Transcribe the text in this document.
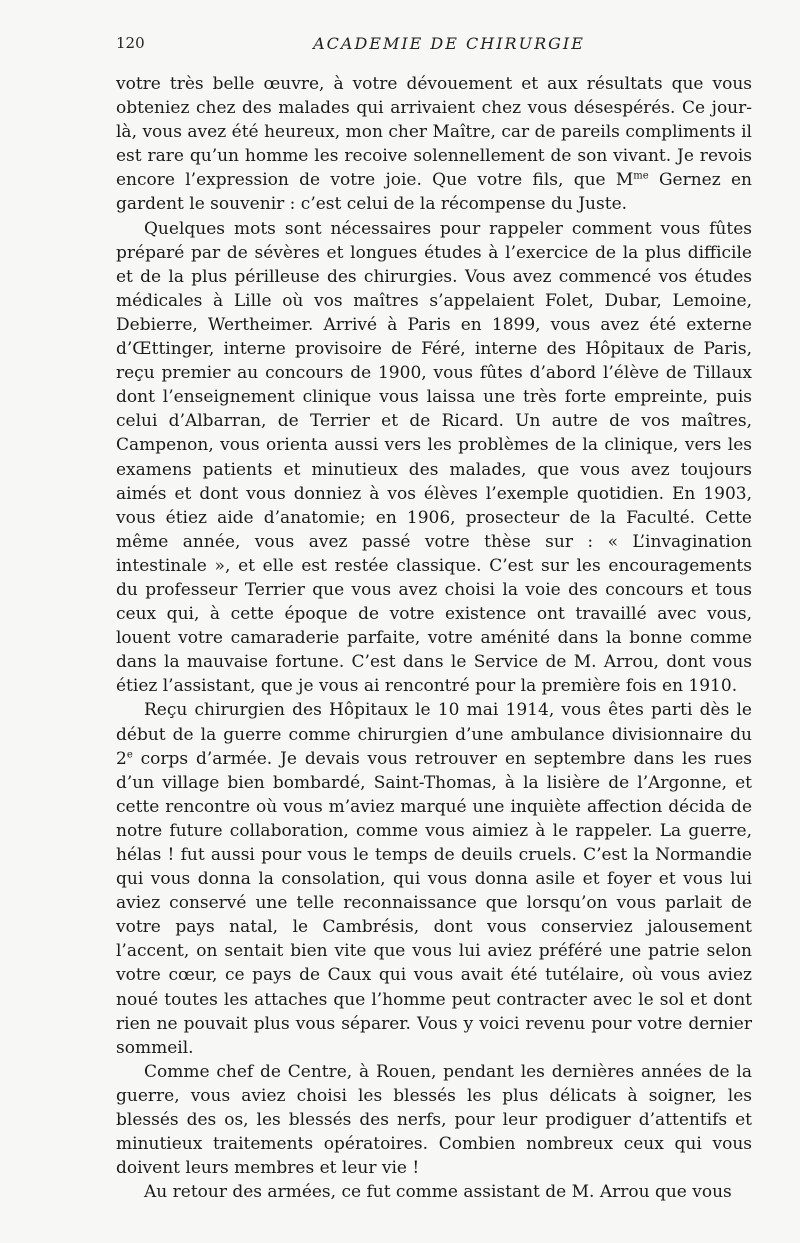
120	ACADEMIE DE CHIRURGIE

votre très belle œuvre, à votre dévouement et aux résultats que vous obteniez chez des malades qui arrivaient chez vous désespérés. Ce jour-là, vous avez été heureux, mon cher Maître, car de pareils compliments il est rare qu’un homme les recoive solennellement de son vivant. Je revois encore l’expression de votre joie. Que votre fils, que $M^{me}$ Gernez en gardent le souvenir : c’est celui de la récompense du Juste.

Quelques mots sont nécessaires pour rappeler comment vous fûtes préparé par de sévères et longues études à l’exercice de la plus difficile et de la plus périlleuse des chirurgies. Vous avez commencé vos études médicales à Lille où vos maîtres s’appelaient Folet, Dubar, Lemoine, Debierre, Wertheimer. Arrivé à Paris en 1899, vous avez été externe d’Œttinger, interne provisoire de Féré, interne des Hôpitaux de Paris, reçu premier au concours de 1900, vous fûtes d’abord l’élève de Tillaux dont l’enseignement clinique vous laissa une très forte empreinte, puis celui d’Albarran, de Terrier et de Ricard. Un autre de vos maîtres, Campenon, vous orienta aussi vers les problèmes de la clinique, vers les examens patients et minutieux des malades, que vous avez toujours aimés et dont vous donniez à vos élèves l’exemple quotidien. En 1903, vous étiez aide d’anatomie; en 1906, prosecteur de la Faculté. Cette même année, vous avez passé votre thèse sur : « L’invagination intestinale », et elle est restée classique. C’est sur les encouragements du professeur Terrier que vous avez choisi la voie des concours et tous ceux qui, à cette époque de votre existence ont travaillé avec vous, louent votre camaraderie parfaite, votre aménité dans la bonne comme dans la mauvaise fortune. C’est dans le Service de M. Arrou, dont vous étiez l’assistant, que je vous ai rencontré pour la première fois en 1910.

Reçu chirurgien des Hôpitaux le 10 mai 1914, vous êtes parti dès le début de la guerre comme chirurgien d’une ambulance divisionnaire du 2e corps d’armée. Je devais vous retrouver en septembre dans les rues d’un village bien bombardé, Saint-Thomas, à la lisière de l’Argonne, et cette rencontre où vous m’aviez marqué une inquiète affection décida de notre future collaboration, comme vous aimiez à le rappeler. La guerre, hélas ! fut aussi pour vous le temps de deuils cruels. C’est la Normandie qui vous donna la consolation, qui vous donna asile et foyer et vous lui aviez conservé une telle reconnaissance que lorsqu’on vous parlait de votre pays natal, le Cambrésis, dont vous conserviez jalousement l’accent, on sentait bien vite que vous lui aviez préféré une patrie selon votre cœur, ce pays de Caux qui vous avait été tutélaire, où vous aviez noué toutes les attaches que l’homme peut contracter avec le sol et dont rien ne pouvait plus vous séparer. Vous y voici revenu pour votre dernier sommeil.

Comme chef de Centre, à Rouen, pendant les dernières années de la guerre, vous aviez choisi les blessés les plus délicats à soigner, les blessés des os, les blessés des nerfs, pour leur prodiguer d’attentifs et minutieux traitements opératoires. Combien nombreux ceux qui vous doivent leurs membres et leur vie !

Au retour des armées, ce fut comme assistant de M. Arrou que vous
